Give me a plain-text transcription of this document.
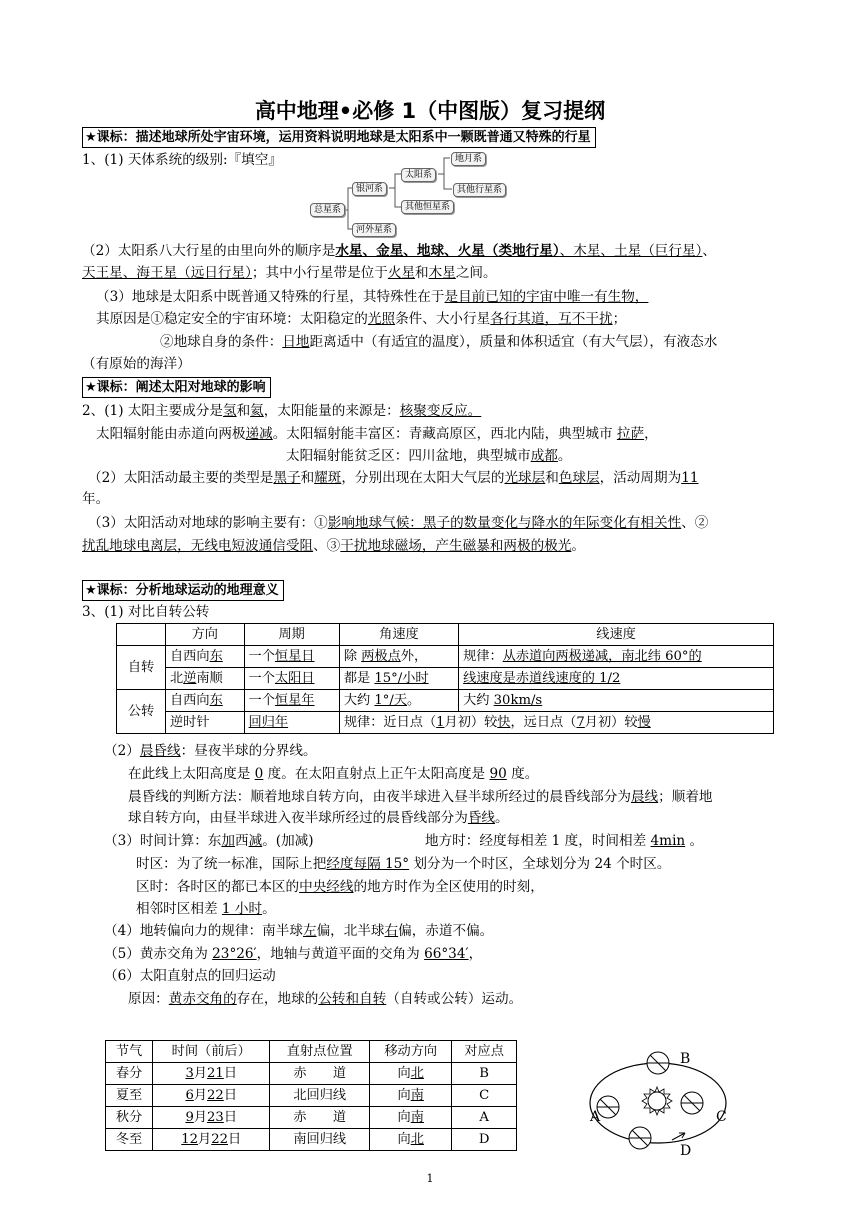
高中地理•必修 1（中图版）复习提纲
★课标：描述地球所处宇宙环境，运用资料说明地球是太阳系中一颗既普通又特殊的行星
1、(1) 天体系统的级别:『填空』
总星系
银河系
河外星系
太阳系
其他恒星系
地月系
其他行星系
（2）太阳系八大行星的由里向外的顺序是水星、金星、地球、火星（类地行星）、木星、土星（巨行星）、
天王星、海王星（远日行星）；其中小行星带是位于火星和木星之间。
（3）地球是太阳系中既普通又特殊的行星，其特殊性在于是目前已知的宇宙中唯一有生物，
其原因是①稳定安全的宇宙环境：太阳稳定的光照条件、大小行星各行其道，互不干扰；
②地球自身的条件：日地距离适中（有适宜的温度），质量和体积适宜（有大气层），有液态水
（有原始的海洋）
★课标：阐述太阳对地球的影响
2、(1) 太阳主要成分是氢和氦，太阳能量的来源是：核聚变反应。
太阳辐射能由赤道向两极递减。太阳辐射能丰富区：青藏高原区，西北内陆，典型城市 拉萨，
太阳辐射能贫乏区：四川盆地，典型城市成都。
（2）太阳活动最主要的类型是黑子和耀斑，分别出现在太阳大气层的光球层和色球层，活动周期为11
年。
（3）太阳活动对地球的影响主要有：①影响地球气候：黑子的数量变化与降水的年际变化有相关性、②
扰乱地球电离层，无线电短波通信受阻、③干扰地球磁场，产生磁暴和两极的极光。
★课标：分析地球运动的地理意义
3、(1) 对比自转公转
	方向	周期	角速度	线速度
自转	自西向东	一个恒星日	除 两极点外，	规律：从赤道向两极递减，南北纬 60°的
	北逆南顺	一个太阳日	都是 15°/小时	线速度是赤道线速度的 1/2
公转	自西向东	一个恒星年	大约 1°/天。	大约 30km/s
	逆时针	回归年	规律：近日点（1月初）较快，远日点（7月初）较慢	
（2）晨昏线：昼夜半球的分界线。
在此线上太阳高度是 0 度。在太阳直射点上正午太阳高度是 90 度。
晨昏线的判断方法：顺着地球自转方向，由夜半球进入昼半球所经过的晨昏线部分为晨线；顺着地
球自转方向，由昼半球进入夜半球所经过的晨昏线部分为昏线。
（3）时间计算：东加西减。(加减)	地方时：经度每相差 1 度，时间相差 4min 。
时区：为了统一标准，国际上把经度每隔 15° 划分为一个时区，全球划分为 24 个时区。
区时：各时区的都已本区的中央经线的地方时作为全区使用的时刻，
相邻时区相差 1 小时。
（4）地转偏向力的规律：南半球左偏，北半球右偏，赤道不偏。
（5）黄赤交角为 23°26′，地轴与黄道平面的交角为 66°34′，
（6）太阳直射点的回归运动
原因：黄赤交角的存在，地球的公转和自转（自转或公转）运动。
节气	时间（前后）	直射点位置	移动方向	对应点
春分	3月21日	赤　　道	向北	B
夏至	6月22日	北回归线	向南	C
秋分	9月23日	赤　　道	向南	A
冬至	12月22日	南回归线	向北	D
B
C
D
A
1
